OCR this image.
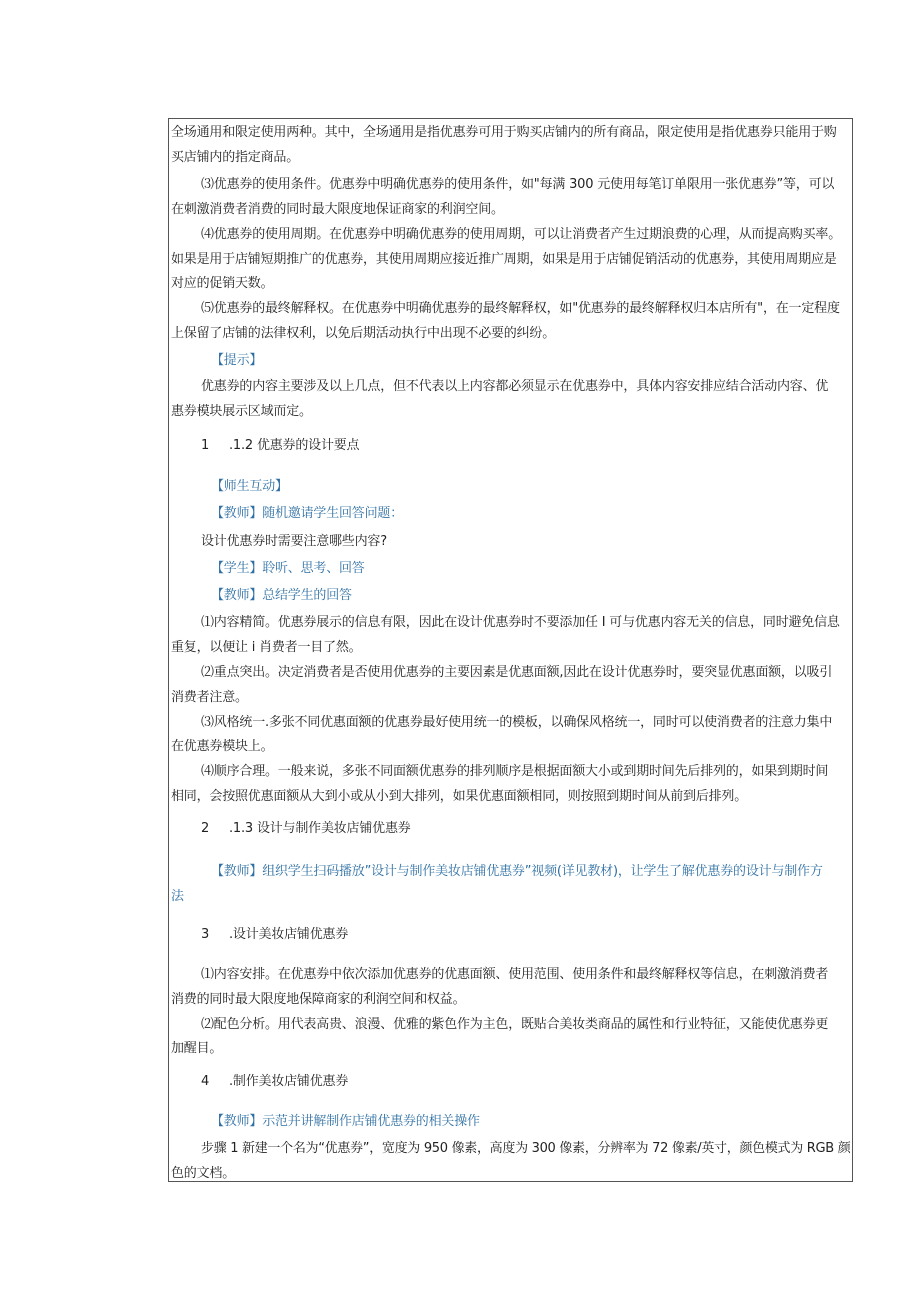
全场通用和限定使用两种。其中，全场通用是指优惠券可用于购买店铺内的所有商品，限定使用是指优惠券只能用于购
买店铺内的指定商品。
⑶优惠券的使用条件。优惠券中明确优惠券的使用条件，如"每满 300 元使用每笔订单限用一张优惠券”等，可以
在刺激消费者消费的同时最大限度地保证商家的利润空间。
⑷优惠券的使用周期。在优惠券中明确优惠券的使用周期，可以让消费者产生过期浪费的心理，从而提高购买率。
如果是用于店铺短期推广的优惠券，其使用周期应接近推广周期，如果是用于店铺促销活动的优惠券，其使用周期应是
对应的促销天数。
⑸优惠券的最终解释权。在优惠券中明确优惠券的最终解释权，如"优惠券的最终解释权归本店所有"，在一定程度
上保留了店铺的法律权利，以免后期活动执行中出现不必要的纠纷。
【提示】
优惠券的内容主要涉及以上几点，但不代表以上内容都必须显示在优惠券中，具体内容安排应结合活动内容、优
惠券模块展示区域而定。
1 .1.2 优惠券的设计要点
【师生互动】
【教师】随机邀请学生回答问题：
设计优惠券时需要注意哪些内容?
【学生】聆听、思考、回答
【教师】总结学生的回答
⑴内容精简。优惠券展示的信息有限，因此在设计优惠券时不要添加任 I 可与优惠内容无关的信息，同时避免信息
重复，以便让 i 肖费者一目了然。
⑵重点突出。决定消费者是否使用优惠券的主要因素是优惠面额,因此在设计优惠券时，要突显优惠面额，以吸引
消费者注意。
⑶风格统一.多张不同优惠面额的优惠券最好使用统一的模板，以确保风格统一，同时可以使消费者的注意力集中
在优惠券模块上。
⑷顺序合理。一般来说，多张不同面额优惠券的排列顺序是根据面额大小或到期时间先后排列的，如果到期时间
相同，会按照优惠面额从大到小或从小到大排列，如果优惠面额相同，则按照到期时间从前到后排列。
2 .1.3 设计与制作美妆店铺优惠券
【教师】组织学生扫码播放”设计与制作美妆店铺优惠券”视频(详见教材)，让学生了解优惠券的设计与制作方
法
3 .设计美妆店铺优惠券
⑴内容安排。在优惠券中依次添加优惠券的优惠面额、使用范围、使用条件和最终解释权等信息，在刺激消费者
消费的同时最大限度地保障商家的利润空间和权益。
⑵配色分析。用代表高贵、浪漫、优雅的紫色作为主色，既贴合美妆类商品的属性和行业特征，又能使优惠券更
加醒目。
4 .制作美妆店铺优惠券
【教师】示范并讲解制作店铺优惠券的相关操作
步骤 1 新建一个名为“优惠券”，宽度为 950 像素，高度为 300 像素，分辨率为 72 像素/英寸，颜色模式为 RGB 颜
色的文档。
